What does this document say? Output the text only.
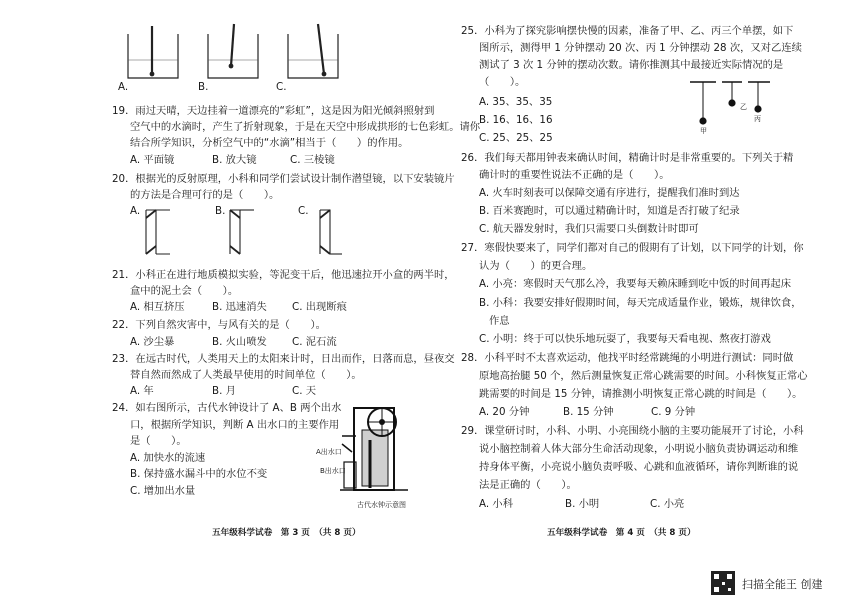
A.	B.	C.
19．雨过天晴，天边挂着一道漂亮的“彩虹”，这是因为阳光倾斜照射到
空气中的水滴时，产生了折射现象，于是在天空中形成拱形的七色彩虹。请你
结合所学知识，分析空气中的“水滴”相当于（　　）的作用。
A. 平面镜	B. 放大镜	C. 三棱镜
20．根据光的反射原理，小科和同学们尝试设计制作潜望镜，以下安装镜片
的方法是合理可行的是（　　）。
A.	B.	C.
21．小科正在进行地质模拟实验，等泥变干后，他迅速拉开小盒的两半时，
盒中的泥土会（　　）。
A. 相互挤压	B. 迅速消失 C. 出现断痕
22．下列自然灾害中，与风有关的是（　　）。
A. 沙尘暴	B. 火山喷发 C. 泥石流
23．在远古时代，人类用天上的太阳来计时，日出而作，日落而息，昼夜交
替自然而然成了人类最早使用的时间单位（　　）。
A. 年	B. 月	C. 天
24．如右图所示，古代水钟设计了 A、B 两个出水
口，根据所学知识，判断 A 出水口的主要作用
是（　　）。
A. 加快水的流速
B. 保持盛水漏斗中的水位不变
C. 增加出水量
A出水口
B出水口
古代水钟示意图
五年级科学试卷　第 3 页　（共 8 页）
25．小科为了探究影响摆快慢的因素，准备了甲、乙、丙三个单摆，如下
图所示，测得甲 1 分钟摆动 20 次、丙 1 分钟摆动 28 次，又对乙连续
测试了 3 次 1 分钟的摆动次数。请你推测其中最接近实际情况的是
（　　）。
A. 35、35、35
B. 16、16、16
C. 25、25、25
甲
乙
丙
26．我们每天都用钟表来确认时间，精确计时是非常重要的。下列关于精
确计时的重要性说法不正确的是（　　）。
A. 火车时刻表可以保障交通有序进行，提醒我们准时到达
B. 百米赛跑时，可以通过精确计时，知道是否打破了纪录
C. 航天器发射时，我们只需要口头倒数计时即可
27．寒假快要来了，同学们都对自己的假期有了计划，以下同学的计划，你
认为（　　）的更合理。
A. 小亮：寒假时天气那么冷，我要每天赖床睡到吃中饭的时间再起床
B. 小科：我要安排好假期时间，每天完成适量作业，锻炼，规律饮食，
作息
C. 小明：终于可以快乐地玩耍了，我要每天看电视、熬夜打游戏
28．小科平时不太喜欢运动，他找平时经常跳绳的小明进行测试：同时做
原地高抬腿 50 个，然后测量恢复正常心跳需要的时间。小科恢复正常心
跳需要的时间是 15 分钟，请推测小明恢复正常心跳的时间是（　　）。
A. 20 分钟	B. 15 分钟	C. 9 分钟
29．课堂研讨时，小科、小明、小亮围绕小脑的主要功能展开了讨论，小科
说小脑控制着人体大部分生命活动现象，小明说小脑负责协调运动和维
持身体平衡，小亮说小脑负责呼吸、心跳和血液循环，请你判断谁的说
法是正确的（　　）。
A. 小科	B. 小明	C. 小亮
五年级科学试卷　第 4 页　（共 8 页）
扫描全能王 创建
